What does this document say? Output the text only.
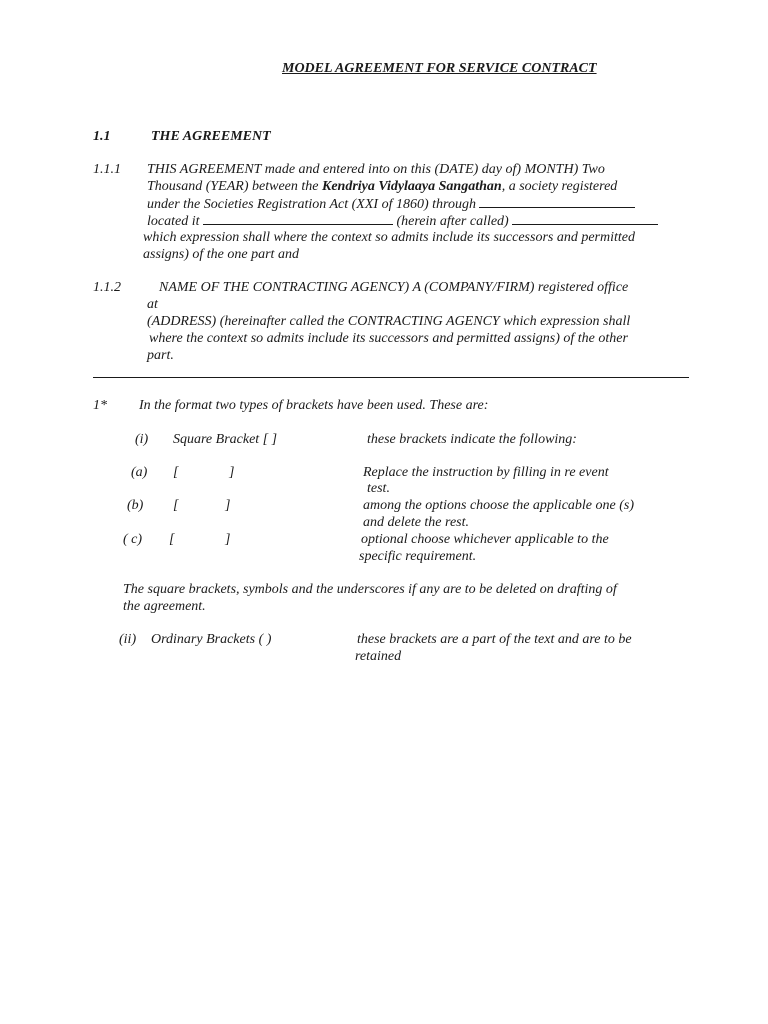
MODEL AGREEMENT FOR SERVICE CONTRACT
1.1	THE AGREEMENT
1.1.1 THIS AGREEMENT made and entered into on this (DATE) day of) MONTH) Two
Thousand (YEAR) between the Kendriya Vidylaaya Sangathan, a society registered
under the Societies Registration Act (XXI of 1860) through
located it	(herein after called)
which expression shall where the context so admits include its successors and permitted
assigns) of the one part and
1.1.2	NAME OF THE CONTRACTING AGENCY) A (COMPANY/FIRM) registered office
at
(ADDRESS) (hereinafter called the CONTRACTING AGENCY which expression shall
where the context so admits include its successors and permitted assigns) of the other
part.
1* In the format two types of brackets have been used. These are:
(i) Square Bracket [ ]	these brackets indicate the following:
(a) [	]	Replace the instruction by filling in re event
test.
(b) [	]	among the options choose the applicable one (s)
and delete the rest.
( c) [	]	optional choose whichever applicable to the
specific requirement.
The square brackets, symbols and the underscores if any are to be deleted on drafting of
the agreement.
(ii) Ordinary Brackets ( )	these brackets are a part of the text and are to be
retained
